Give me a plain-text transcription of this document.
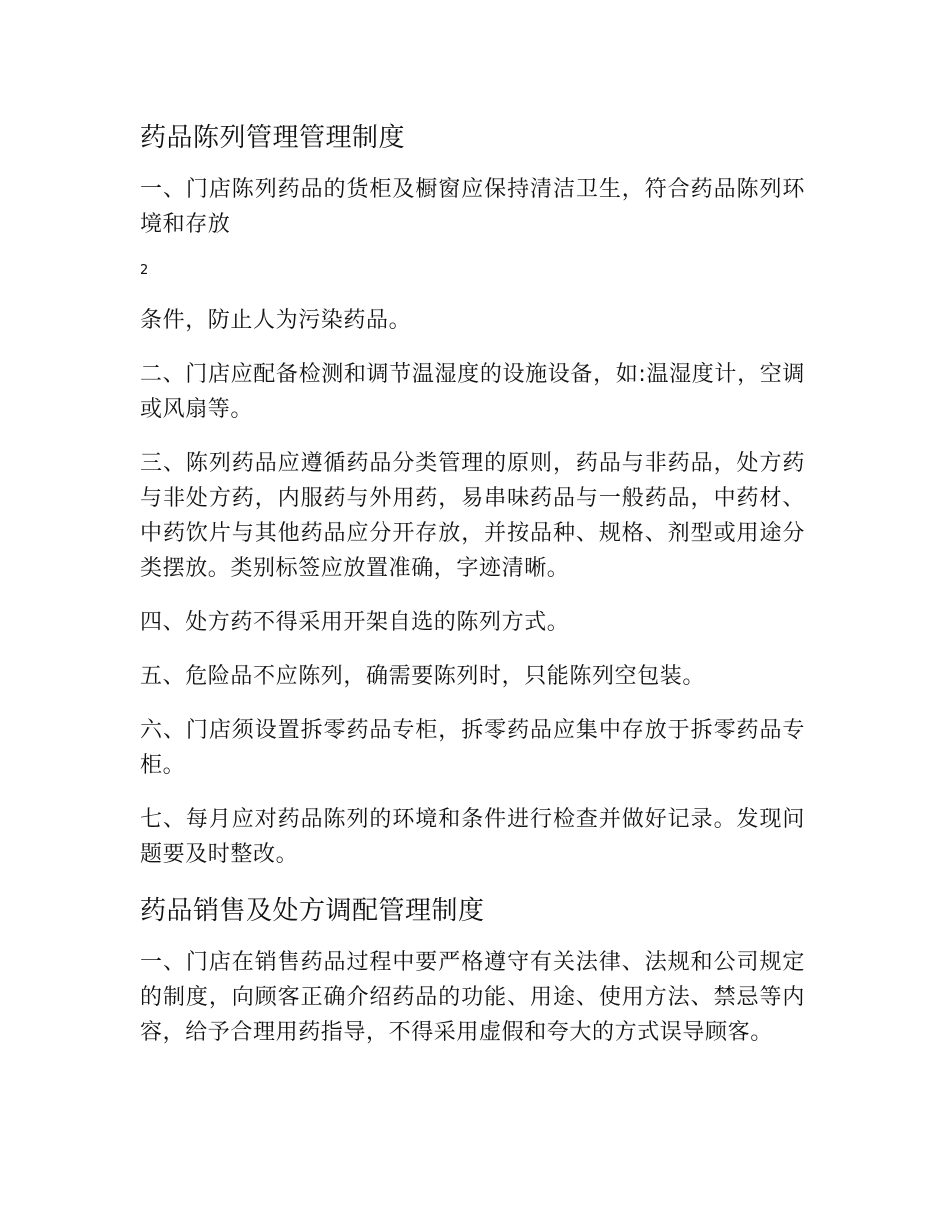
药品陈列管理管理制度

一、门店陈列药品的货柜及橱窗应保持清洁卫生，符合药品陈列环境和存放

2

条件，防止人为污染药品。

二、门店应配备检测和调节温湿度的设施设备，如:温湿度计，空调或风扇等。

三、陈列药品应遵循药品分类管理的原则，药品与非药品，处方药与非处方药，内服药与外用药，易串味药品与一般药品，中药材、中药饮片与其他药品应分开存放，并按品种、规格、剂型或用途分类摆放。类别标签应放置准确，字迹清晰。

四、处方药不得采用开架自选的陈列方式。

五、危险品不应陈列，确需要陈列时，只能陈列空包装。

六、门店须设置拆零药品专柜，拆零药品应集中存放于拆零药品专柜。

七、每月应对药品陈列的环境和条件进行检查并做好记录。发现问题要及时整改。

药品销售及处方调配管理制度

一、门店在销售药品过程中要严格遵守有关法律、法规和公司规定的制度，向顾客正确介绍药品的功能、用途、使用方法、禁忌等内容，给予合理用药指导，不得采用虚假和夸大的方式误导顾客。
